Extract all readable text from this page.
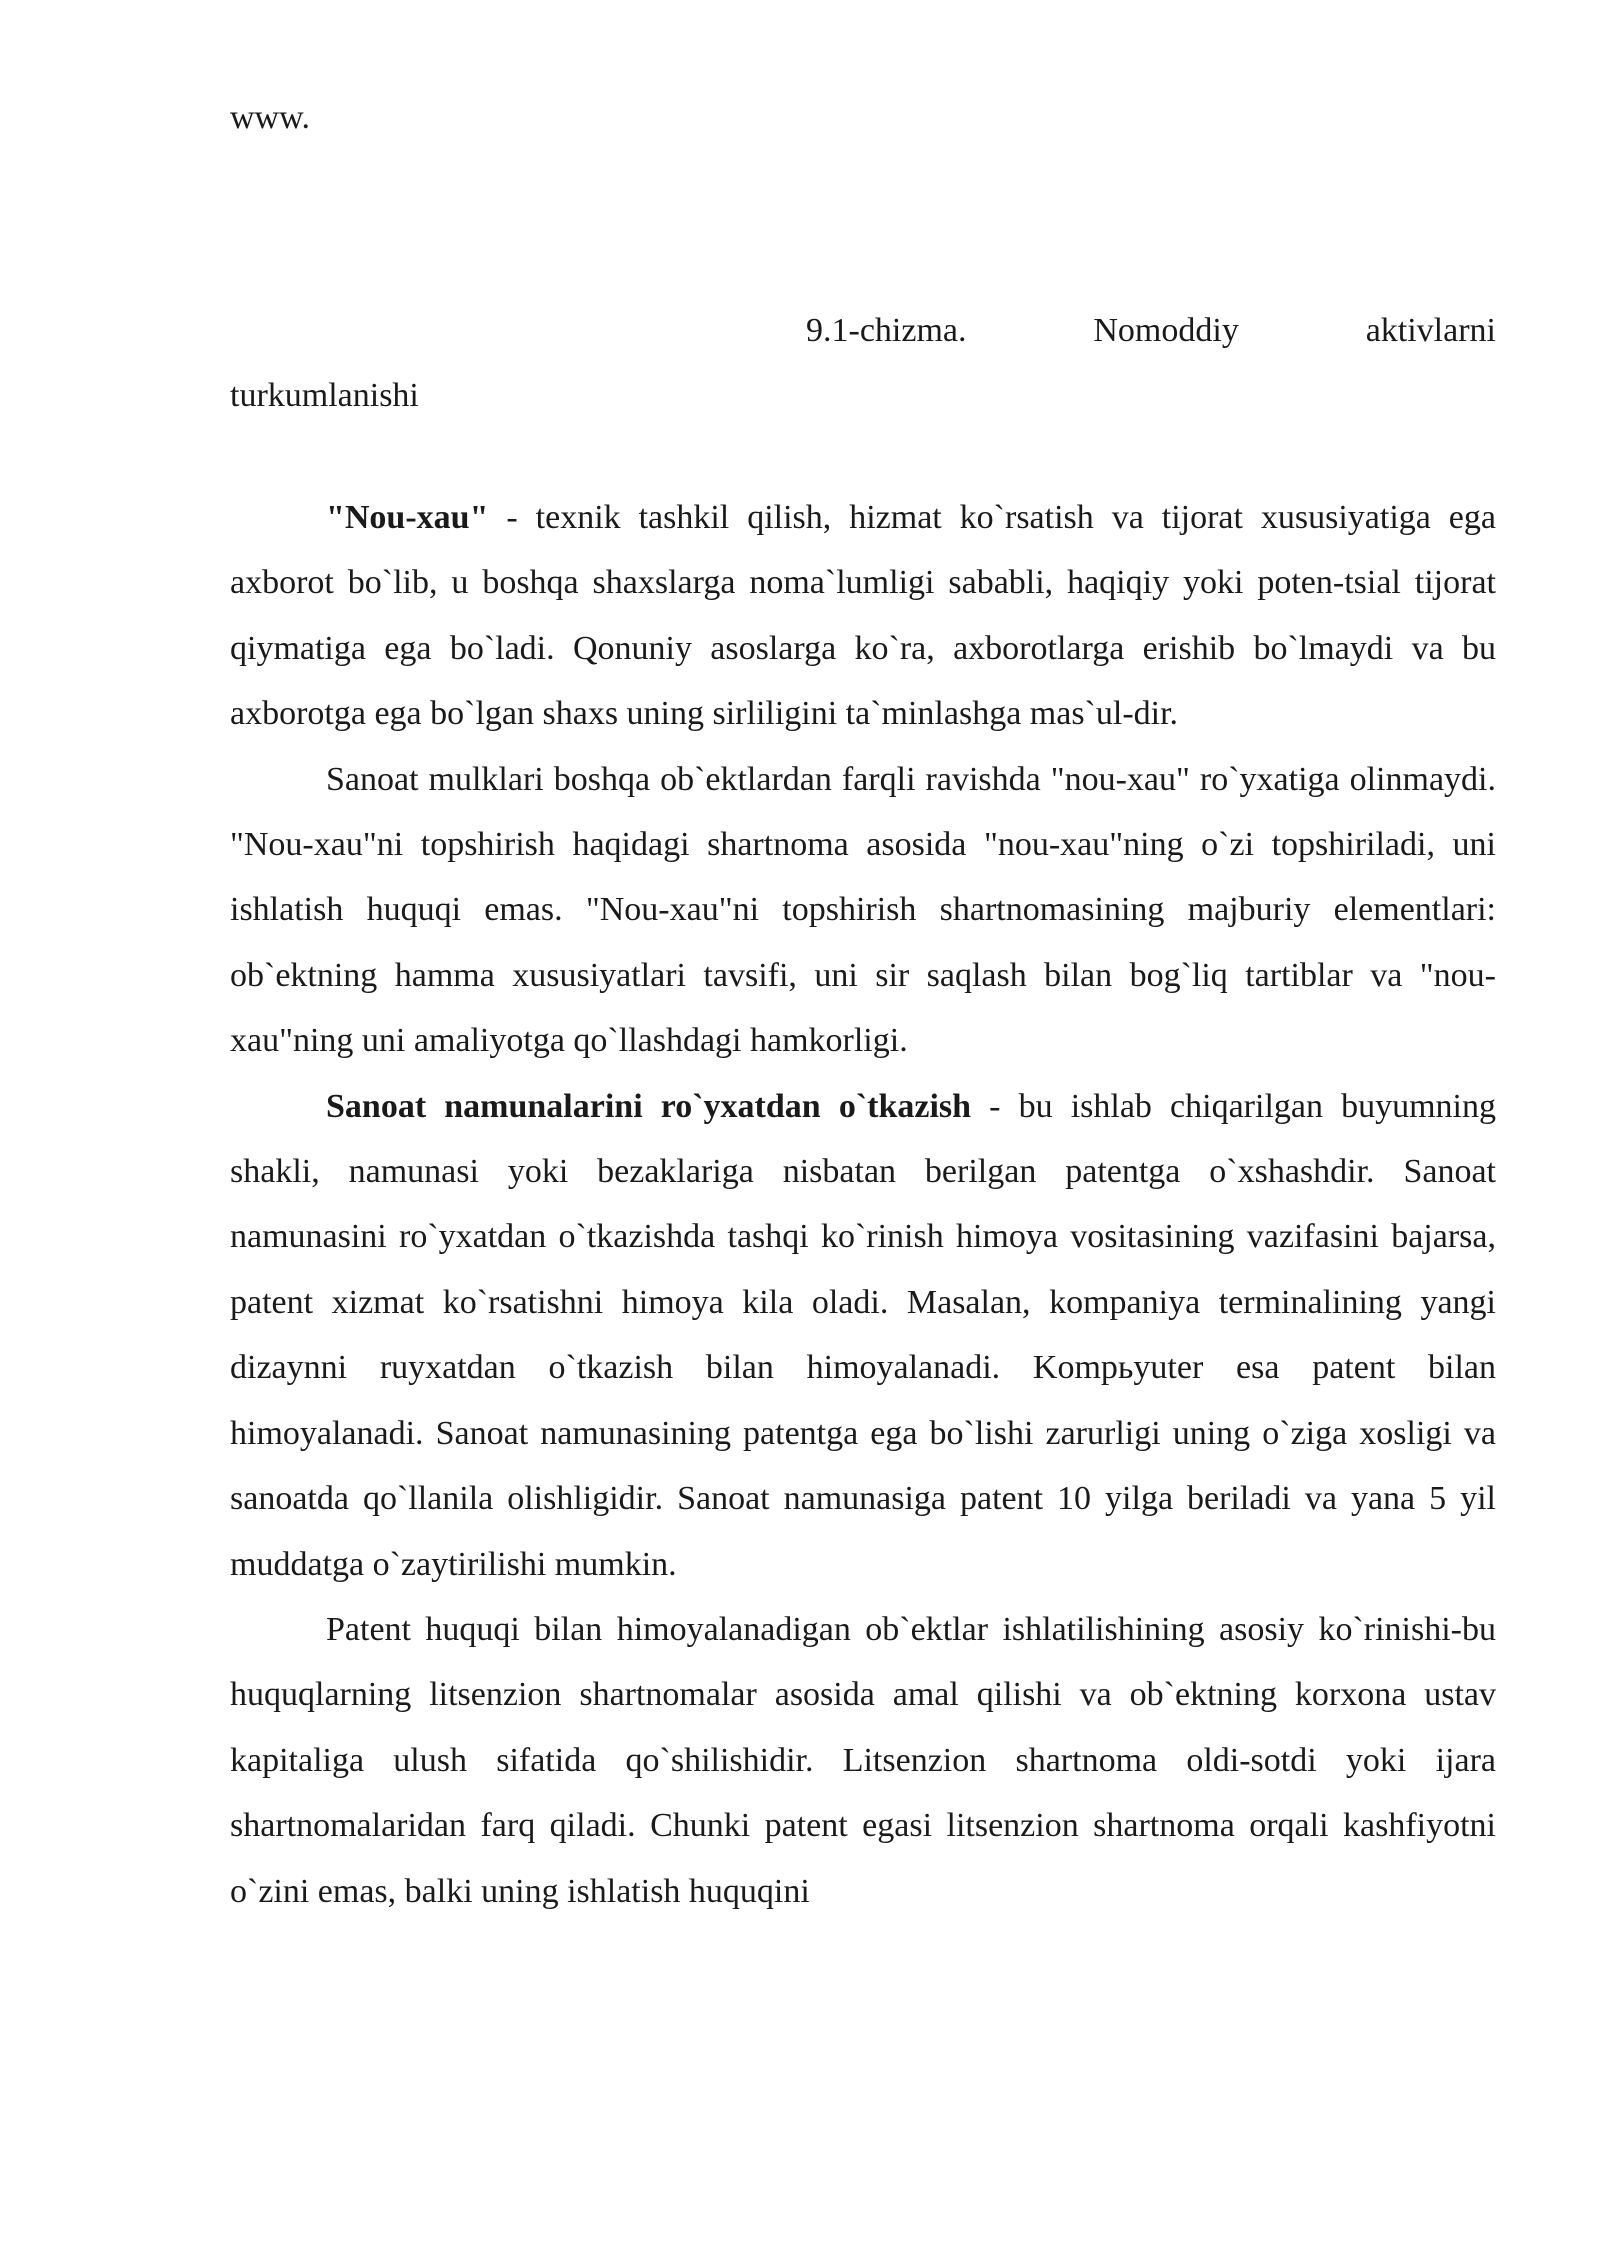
www.
9.1-chizma.	Nomoddiy	aktivlarni
turkumlanishi

"Nou-xau" - texnik tashkil qilish, hizmat ko`rsatish va tijorat xususiyatiga ega axborot bo`lib, u boshqa shaxslarga noma`lumligi sababli, haqiqiy yoki poten-tsial tijorat qiymatiga ega bo`ladi. Qonuniy asoslarga ko`ra, axborotlarga erishib bo`lmaydi va bu axborotga ega bo`lgan shaxs uning sirliligini ta`minlashga mas`ul-dir.

Sanoat mulklari boshqa ob`ektlardan farqli ravishda "nou-xau" ro`yxatiga olinmaydi. "Nou-xau"ni topshirish haqidagi shartnoma asosida "nou-xau"ning o`zi topshiriladi, uni ishlatish huquqi emas. "Nou-xau"ni topshirish shartnomasining majburiy elementlari: ob`ektning hamma xususiyatlari tavsifi, uni sir saqlash bilan bog`liq tartiblar va "nou-xau"ning uni amaliyotga qo`llashdagi hamkorligi.

Sanoat namunalarini ro`yxatdan o`tkazish - bu ishlab chiqarilgan buyumning shakli, namunasi yoki bezaklariga nisbatan berilgan patentga o`xshashdir. Sanoat namunasini ro`yxatdan o`tkazishda tashqi ko`rinish himoya vositasining vazifasini bajarsa, patent xizmat ko`rsatishni himoya kila oladi. Masalan, kompaniya terminalining yangi dizaynni ruyxatdan o`tkazish bilan himoyalanadi. Kompьyuter esa patent bilan himoyalanadi. Sanoat namunasining patentga ega bo`lishi zarurligi uning o`ziga xosligi va sanoatda qo`llanila olishligidir. Sanoat namunasiga patent 10 yilga beriladi va yana 5 yil muddatga o`zaytirilishi mumkin.

Patent huquqi bilan himoyalanadigan ob`ektlar ishlatilishining asosiy ko`rinishi-bu huquqlarning litsenzion shartnomalar asosida amal qilishi va ob`ektning korxona ustav kapitaliga ulush sifatida qo`shilishidir. Litsenzion shartnoma oldi-sotdi yoki ijara shartnomalaridan farq qiladi. Chunki patent egasi litsenzion shartnoma orqali kashfiyotni o`zini emas, balki uning ishlatish huquqini
